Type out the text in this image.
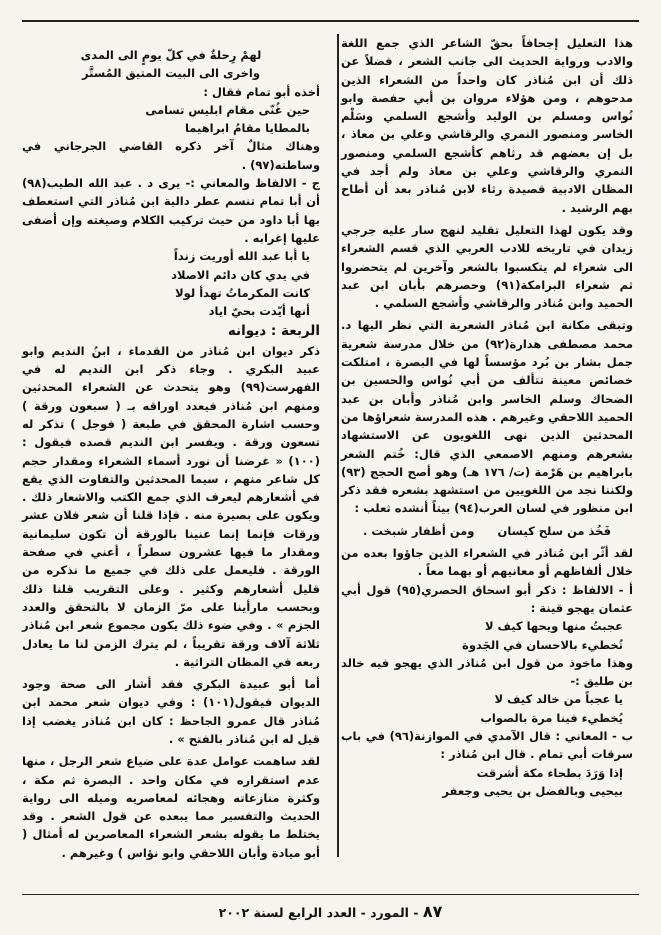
هذا التعليل إجحافاً بحقّ الشاعر الذي جمع اللغة والادب ورواية الحديث الى جانب الشعر ، فضلاً عن ذلك أن ابن مُناذر كان واحداً من الشعراء الذين مدحوهم ، ومن هؤلاء مروان بن أبي حفصة وابو نُواس ومسلم بن الوليد وأشجع السلمي وسَلْم الخاسر ومنصور النمري والرقاشي وعلي بن معاذ ، بل إن بعضهم قد رثاهم كأشجع السلمي ومنصور النمري والرقاشي وعلي بن معاذ ولم أجد في المظان الادبية قصيدة رثاء لابن مُناذر بعد أن أطاح بهم الرشيد .

وقد يكون لهذا التعليل تقليد لنهج سار عليه جرجي زيدان في تاريخه للادب العربي الذي قسم الشعراء الى شعراء لم يتكسبوا بالشعر وآخرين لم يتحضروا ثم شعراء البرامكة(٩١) وحصرهم بأبان ابن عبد الحميد وابن مُناذر والرقاشي وأشجع السلمي .

وتبقى مكانة ابن مُناذر الشعرية التي نظر اليها د. محمد مصطفى هدارة(٩٢) من خلال مدرسة شعرية جمل بشار بن بُرد مؤسساً لها في البصرة ، امتلكت خصائص معينة تتألف من أبي نُواس والحسين بن الضحاك وسلم الخاسر وابن مُناذر وأبان بن عبد الحميد اللاحقي وغيرهم . هذه المدرسة شعراؤها من المحدثين الذين نهى اللغويون عن الاستشهاد بشعرهم ومنهم الاصمعي الذي قال: خُتم الشعر بابراهيم بن هَرْمة (ت/ ١٧٦ هـ) وهو أصح الحجج (٩٣) ولكننا نجد من اللغويين من استشهد بشعره فقد ذكر ابن منظور في لسان العرب(٩٤) بيتاً أنشده ثعلب :

فَخُذ من سلح كيسان
ومن أظفار شبخت .

لقد أثّر ابن مُناذر في الشعراء الذين جاؤوا بعده من خلال ألفاظهم أو معانيهم أو بهما معاً .

أ - الالفاظ : ذكر أبو اسحاق الحصري(٩٥) قول أبي عثمان يهجو قينة :

عجبتُ منها ويحها كيف لا
تُخطيء بالاحسان في الجَدوة

وهذا ماخوذ من قول ابن مُناذر الذي يهجو فيه خالد بن طليق :-

يا عجباً من خالد كيف لا
يُخطيء فينا مرة بالصواب

ب - المعاني : قال الآمدي في الموازنة(٩٦) في باب سرقات أبي تمام . قال ابن مُناذر :

إذا وَرَدَ بطحاء مكة أشرقت
بيحيى وبالفضل بن يحيى وجعفر
لهمْ رِحلةٌ في كلّ يومٍ الى المدى
واخرى الى البيت المتيق المُستَّر

أخذه أبو تمام فقال :

حين غُنّى مقام ابليس تسامى
بالمطايا مقامُ ابراهيما

وهناك مثالٌ آخر ذكره القاضي الجرجاني في وساطته(٩٧) .

ج - الالفاظ والمعاني :- يرى د . عبد الله الطيب(٩٨) أن أبا تمام تنسم عطر دالية ابن مُناذر التي استعطف بها أبا داود من حيث تركيب الكلام وصيغته وإن أضفى عليها إغرابه .

يا أبا عبد الله أوريت زنداً
في يدي كان دائم الاصلاد
كانت المكرماتُ تهدأ لولا
أنها أيّدت بحيّ اياد

الربعة : ديوانه

ذكر ديوان ابن مُناذر من القدماء ، ابنُ النديم وابو عبيد البكري . وجاء ذكر ابن النديم له في الفهرست(٩٩) وهو يتحدث عن الشعراء المحدثين ومنهم ابن مُناذر فيعدد اوراقه بـ ( سبعون ورقة ) وحسب اشارة المحقق في طبعة ( فوجل ) تذكر له تسعون ورقة . ويفسر ابن النديم قصده فيقول : (١٠٠) « غرضنا أن نورد أسماء الشعراء ومقدار حجم كل شاعر منهم ، سيما المحدثين والتفاوت الذي يقع في أشعارهم ليعرف الذي جمع الكتب والاشعار ذلك . ويكون على بصيرة منه . فإذا قلنا أن شعر فلان عشر ورقات فإنما إنما عنينا بالورقة أن تكون سليمانية ومقدار ما فيها عشرون سطراً ، أعني في صفحة الورقة . فليعمل على ذلك في جميع ما نذكره من قليل أشعارهم وكثير . وعلى التقريب قلنا ذلك وبحسب مارأينا على مرّ الزمان لا بالتحقق والعدد الجزم » . وفي ضوء ذلك يكون مجموع شعر ابن مُناذر ثلاثة آلاف ورقة تقريباً ، لم يترك الزمن لنا ما يعادل ربعه في المظان التراثية .

أما أبو عبيدة البكري فقد أشار الى صحة وجود الديوان فيقول(١٠١) : وفي ديوان شعر محمد ابن مُناذر قال عمرو الجاحظ : كان ابن مُناذر يغضب إذا قيل له ابن مُناذر بالفتح » .

لقد ساهمت عوامل عدة على ضياع شعر الرجل ، منها عدم استقراره في مكان واحد . البصرة ثم مكة ، وكثرة منازعاته وهجائه لمعاصريه وميله الى رواية الحديث والتفسير مما يبعده عن قول الشعر . وقد يختلط ما يقوله بشعر الشعراء المعاصرين له أمثال ( أبو ميادة وأبان اللاحقي وابو نؤاس ) وغيرهم .

٨٧ - المورد - العدد الرابع لسنة ٢٠٠٢
